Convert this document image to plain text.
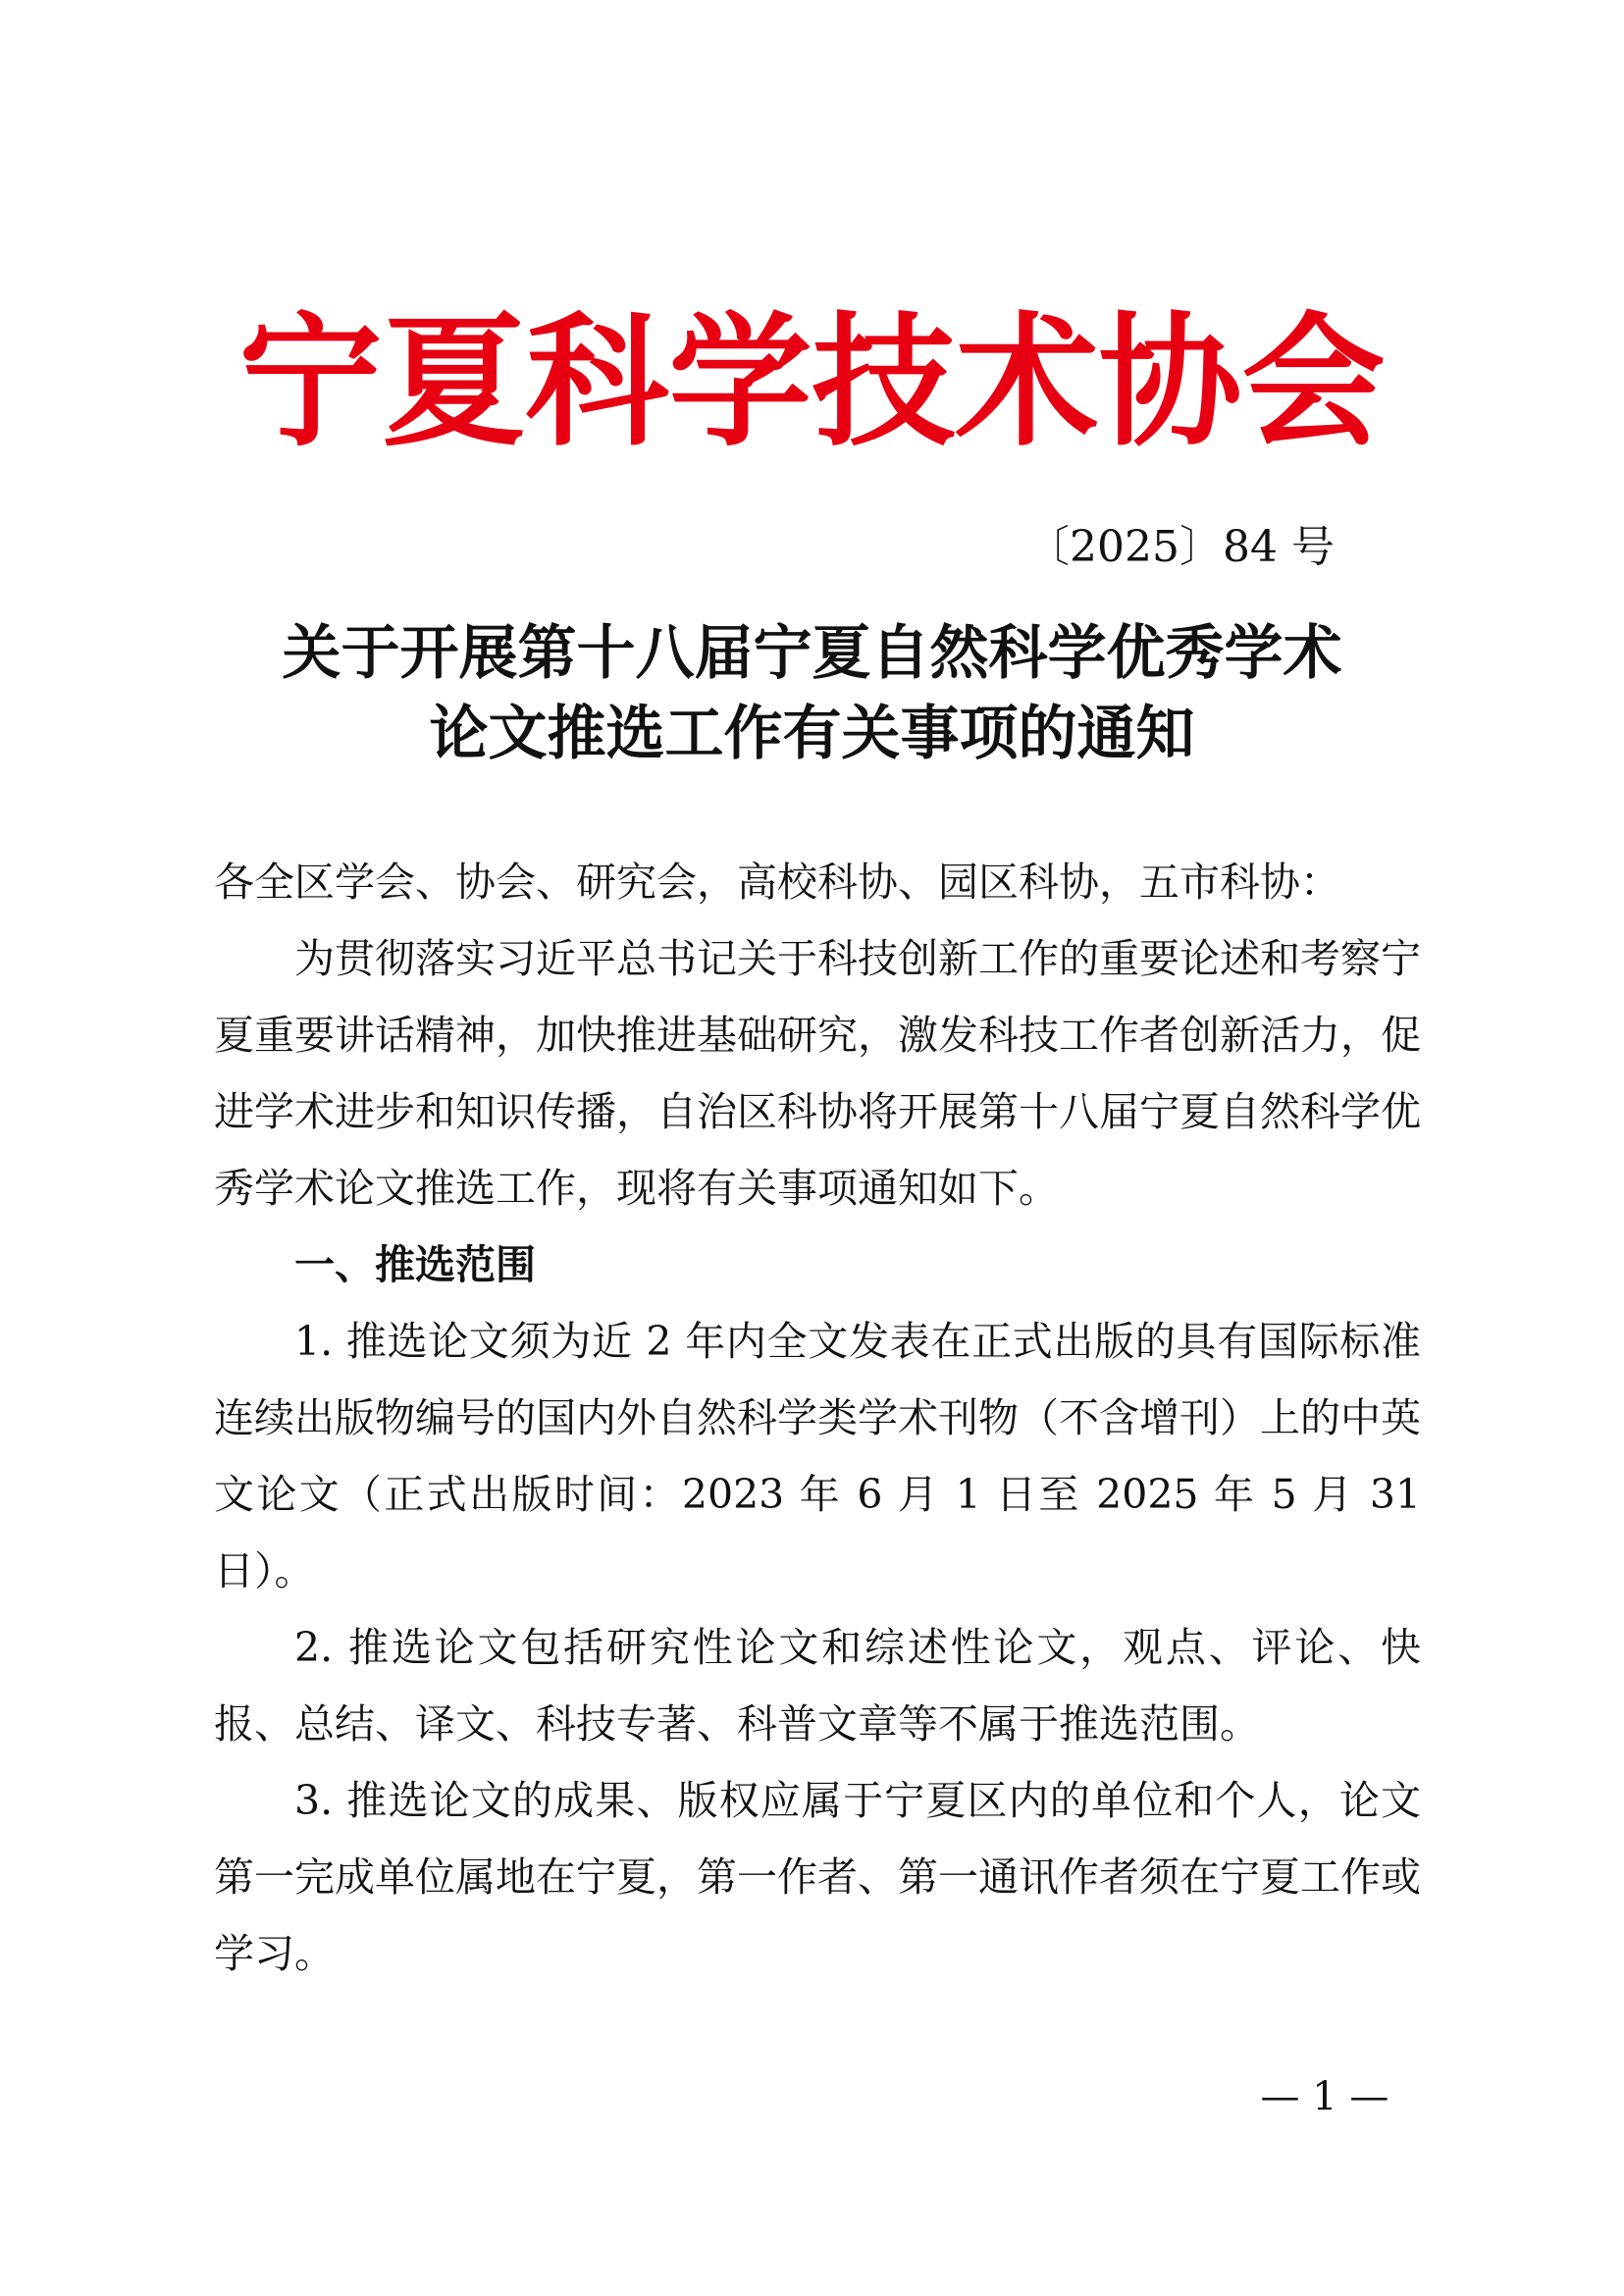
宁夏科学技术协会
〔2025〕84 号
关于开展第十八届宁夏自然科学优秀学术
论文推选工作有关事项的通知

各全区学会、协会、研究会，高校科协、园区科协，五市科协：

为贯彻落实习近平总书记关于科技创新工作的重要论述和考察宁夏重要讲话精神，加快推进基础研究，激发科技工作者创新活力，促进学术进步和知识传播，自治区科协将开展第十八届宁夏自然科学优秀学术论文推选工作，现将有关事项通知如下。

一、推选范围

1. 推选论文须为近 2 年内全文发表在正式出版的具有国际标准连续出版物编号的国内外自然科学类学术刊物（不含增刊）上的中英文论文（正式出版时间：2023 年 6 月 1 日至 2025 年 5 月 31 日）。

2. 推选论文包括研究性论文和综述性论文，观点、评论、快报、总结、译文、科技专著、科普文章等不属于推选范围。

3. 推选论文的成果、版权应属于宁夏区内的单位和个人，论文第一完成单位属地在宁夏，第一作者、第一通讯作者须在宁夏工作或学习。

— 1 —
